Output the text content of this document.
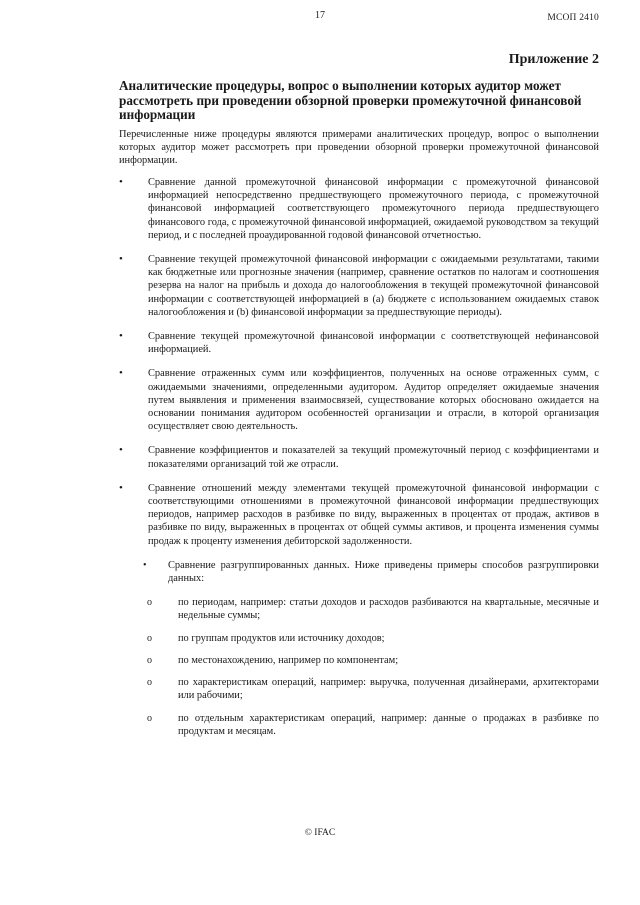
17	МСОП 2410
Приложение 2
Аналитические процедуры, вопрос о выполнении которых аудитор может рассмотреть при проведении обзорной проверки промежуточной финансовой информации
Перечисленные ниже процедуры являются примерами аналитических процедур, вопрос о выполнении которых аудитор может рассмотреть при проведении обзорной проверки промежуточной финансовой информации.
• Сравнение данной промежуточной финансовой информации с промежуточной финансовой информацией непосредственно предшествующего промежуточного периода, с промежуточной финансовой информацией соответствующего промежуточного периода предшествующего финансового года, с промежуточной финансовой информацией, ожидаемой руководством за текущий период, и с последней проаудированной годовой финансовой отчетностью.
• Сравнение текущей промежуточной финансовой информации с ожидаемыми результатами, такими как бюджетные или прогнозные значения (например, сравнение остатков по налогам и соотношения резерва на налог на прибыль и дохода до налогообложения в текущей промежуточной финансовой информации с соответствующей информацией в (a) бюджете с использованием ожидаемых ставок налогообложения и (b) финансовой информации за предшествующие периоды).
• Сравнение текущей промежуточной финансовой информации с соответствующей нефинансовой информацией.
• Сравнение отраженных сумм или коэффициентов, полученных на основе отраженных сумм, с ожидаемыми значениями, определенными аудитором. Аудитор определяет ожидаемые значения путем выявления и применения взаимосвязей, существование которых обосновано ожидается на основании понимания аудитором особенностей организации и отрасли, в которой организация осуществляет свою деятельность.
• Сравнение коэффициентов и показателей за текущий промежуточный период с коэффициентами и показателями организаций той же отрасли.
• Сравнение отношений между элементами текущей промежуточной финансовой информации с соответствующими отношениями в промежуточной финансовой информации предшествующих периодов, например расходов в разбивке по виду, выраженных в процентах от продаж, активов в разбивке по виду, выраженных в процентах от общей суммы активов, и процента изменения суммы продаж к проценту изменения дебиторской задолженности.
• Сравнение разгруппированных данных. Ниже приведены примеры способов разгруппировки данных:
o	по периодам, например: статьи доходов и расходов разбиваются на квартальные, месячные и недельные суммы;
o	по группам продуктов или источнику доходов;
o	по местонахождению, например по компонентам;
o	по характеристикам операций, например: выручка, полученная дизайнерами, архитекторами или рабочими;
o	по отдельным характеристикам операций, например: данные о продажах в разбивке по продуктам и месяцам.
© IFAC
